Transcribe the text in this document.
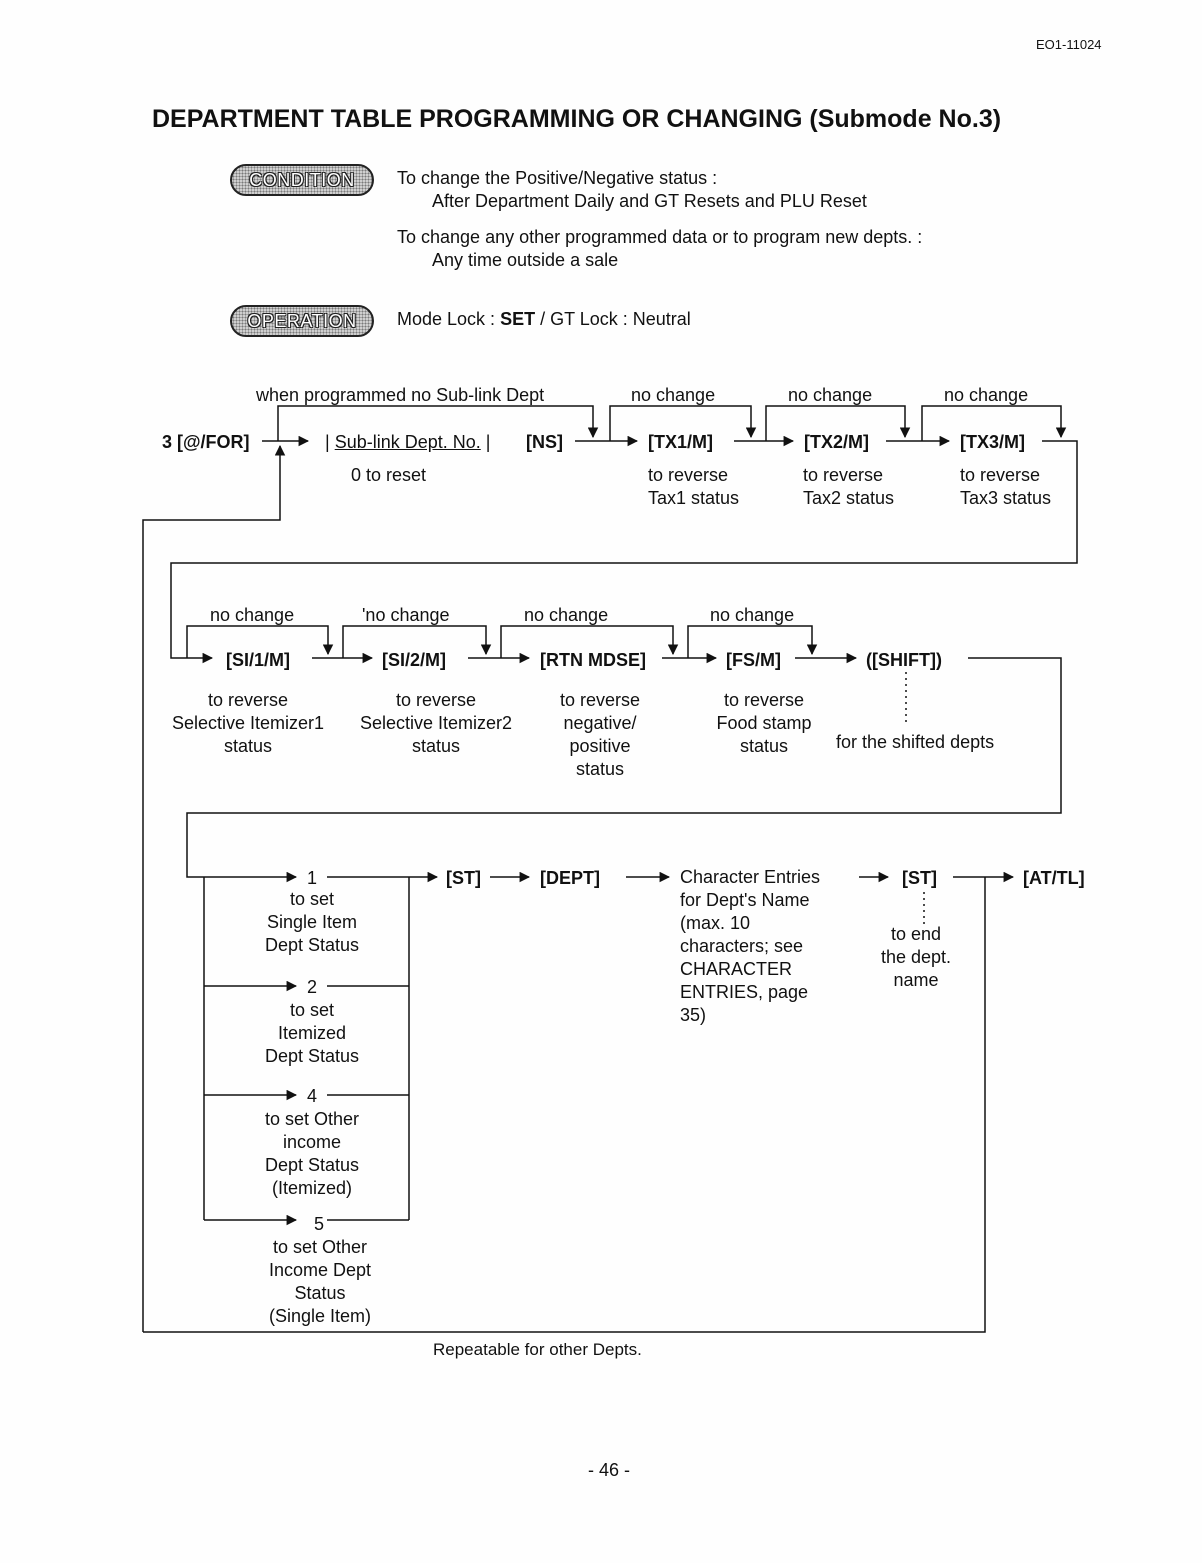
EO1-11024
DEPARTMENT TABLE PROGRAMMING OR CHANGING (Submode No.3)
CONDITION	To change the Positive/Negative status :
After Department Daily and GT Resets and PLU Reset
To change any other programmed data or to program new depts. :
Any time outside a sale
OPERATION	Mode Lock : SET / GT Lock : Neutral
when programmed no Sub-link Dept	no change	no change	no change
3 [@/FOR]	| Sub-link Dept. No. | [NS]	[TX1/M]	[TX2/M]	[TX3/M]
0 to reset	to reverse
Tax1 status
to reverse
Tax2 status
to reverse
Tax3 status
no change	'no change	no change	no change
[SI/1/M]	[SI/2/M]	[RTN MDSE]	[FS/M]	([SHIFT])
to reverse
Selective Itemizer1
status
to reverse
Selective Itemizer2
status
to reverse
negative/
positive
status
to reverse
Food stamp
status	for the shifted depts
1
to set
Single Item
Dept Status
2
to set
Itemized
Dept Status
4
to set Other
income
Dept Status
(Itemized)
5
to set Other
Income Dept
Status
(Single Item)
[ST]	[DEPT]	Character Entries
for Dept's Name
(max. 10
characters; see
CHARACTER
ENTRIES, page
35)
[ST]
to end
the dept.
name
[AT/TL]
Repeatable for other Depts.
- 46 -
